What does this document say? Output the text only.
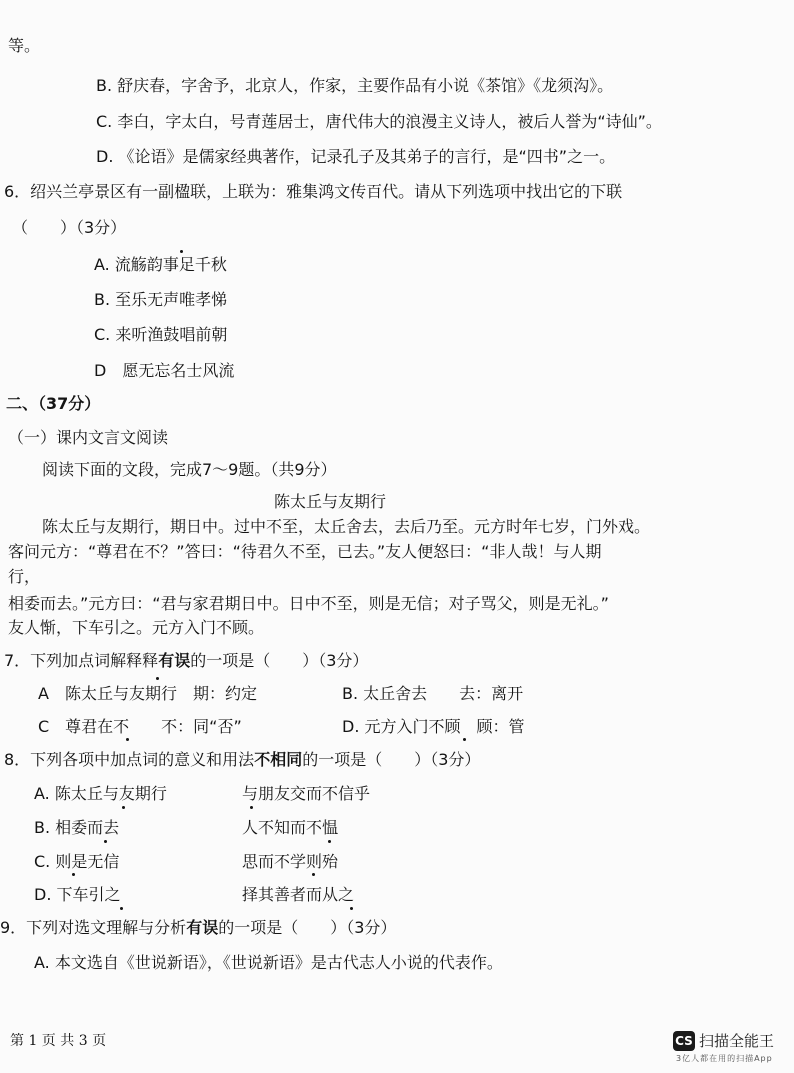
等。
B. 舒庆春，字舍予，北京人，作家，主要作品有小说《茶馆》《龙须沟》。
C. 李白，字太白，号青莲居士，唐代伟大的浪漫主义诗人，被后人誉为“诗仙”。
D. 《论语》是儒家经典著作，记录孔子及其弟子的言行，是“四书”之一。
6．绍兴兰亭景区有一副楹联，上联为：雅集鸿文传百代。请从下列选项中找出它的下联
（　　）（3分）
A. 流觞韵事足千秋
B. 至乐无声唯孝悌
C. 来听渔鼓唱前朝
D　愿无忘名士风流
二、（37分）
（一）课内文言文阅读
阅读下面的文段，完成7～9题。（共9分）
陈太丘与友期行
陈太丘与友期行，期日中。过中不至，太丘舍去，去后乃至。元方时年七岁，门外戏。
客问元方：“尊君在不？”答曰：“待君久不至，已去。”友人便怒曰：“非人哉！与人期
行，
相委而去。”元方曰：“君与家君期日中。日中不至，则是无信；对子骂父，则是无礼。”
友人惭，下车引之。元方入门不顾。
7．下列加点词解释释有误的一项是（　　）（3分）
A　陈太丘与友期行　期：约定	B. 太丘舍去　　去：离开
C　尊君在不　　不：同“否”	D. 元方入门不顾　顾：管
8．下列各项中加点词的意义和用法不相同的一项是（　　）（3分）
A. 陈太丘与友期行	与朋友交而不信乎
B. 相委而去	人不知而不愠
C. 则是无信	思而不学则殆
D. 下车引之	择其善者而从之
9．下列对选文理解与分析有误的一项是（　　）（3分）
A. 本文选自《世说新语》，《世说新语》是古代志人小说的代表作。
第 1 页 共 3 页	CS 扫描全能王
3亿人都在用的扫描App
